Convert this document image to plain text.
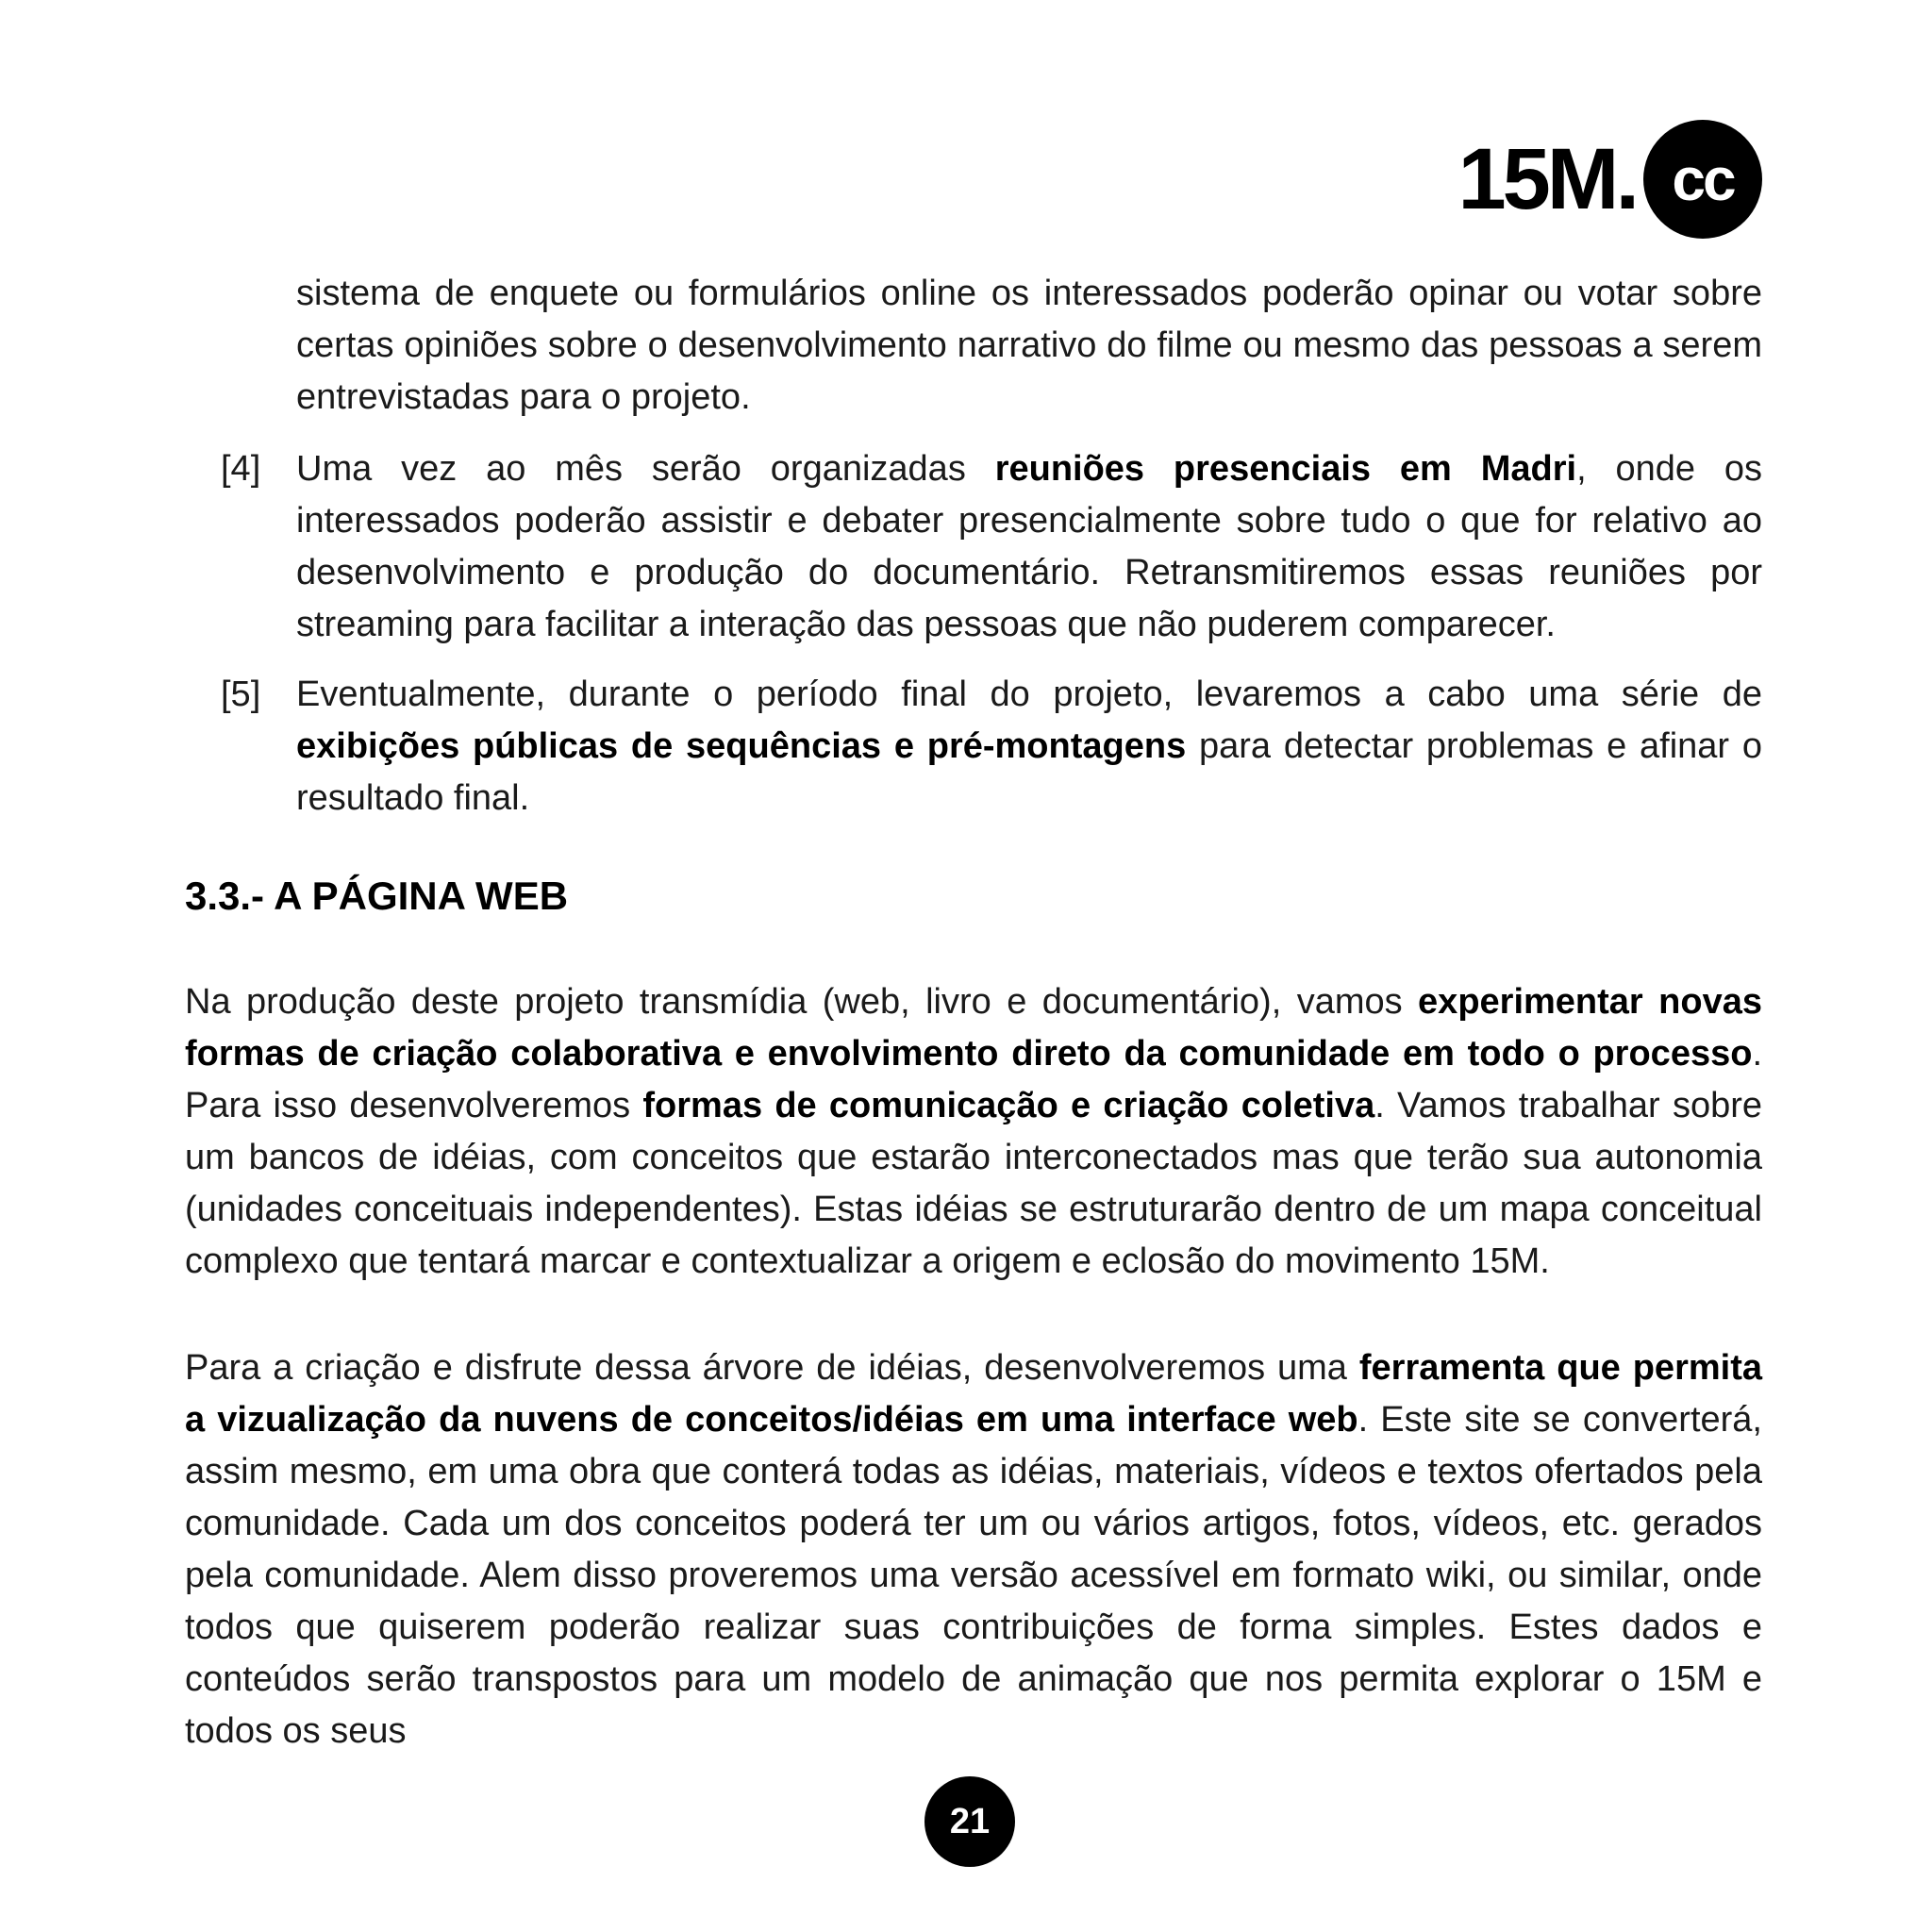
15M. cc

sistema de enquete ou formulários online os interessados poderão opinar ou votar sobre certas opiniões sobre o desenvolvimento narrativo do filme ou mesmo das pessoas a serem entrevistadas para o projeto.

[4] Uma vez ao mês serão organizadas reuniões presenciais em Madri, onde os interessados poderão assistir e debater presencialmente sobre tudo o que for relativo ao desenvolvimento e produção do documentário. Retransmitiremos essas reuniões por streaming para facilitar a interação das pessoas que não puderem comparecer.

[5] Eventualmente, durante o período final do projeto, levaremos a cabo uma série de exibições públicas de sequências e pré-montagens para detectar problemas e afinar o resultado final.

3.3.- A PÁGINA WEB

Na produção deste projeto transmídia (web, livro e documentário), vamos experimentar novas formas de criação colaborativa e envolvimento direto da comunidade em todo o processo. Para isso desenvolveremos formas de comunicação e criação coletiva. Vamos trabalhar sobre um bancos de idéias, com conceitos que estarão interconectados mas que terão sua autonomia (unidades conceituais independentes). Estas idéias se estruturarão dentro de um mapa conceitual complexo que tentará marcar e contextualizar a origem e eclosão do movimento 15M.

Para a criação e disfrute dessa árvore de idéias, desenvolveremos uma ferramenta que permita a vizualização da nuvens de conceitos/idéias em uma interface web. Este site se converterá, assim mesmo, em uma obra que conterá todas as idéias, materiais, vídeos e textos ofertados pela comunidade. Cada um dos conceitos poderá ter um ou vários artigos, fotos, vídeos, etc. gerados pela comunidade. Alem disso proveremos uma versão acessível em formato wiki, ou similar, onde todos que quiserem poderão realizar suas contribuições de forma simples. Estes dados e conteúdos serão transpostos para um modelo de animação que nos permita explorar o 15M e todos os seus

21
